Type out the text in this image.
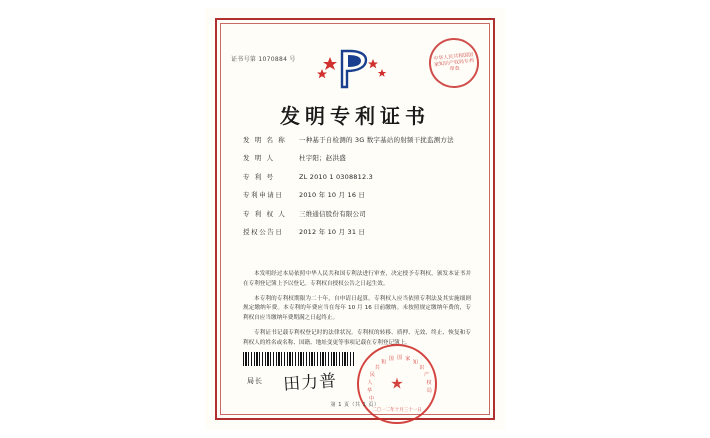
证书号第 1070884 号	中华人民共和国国家知识产权局专利审查
发明专利证书
发 明 名 称	一种基于自检测的 3G 数字基站的射频干扰监测方法
发 明 人	杜宇阳；赵洪盛
专 利 号	ZL 2010 1 0308812.3
专利申请日	2010 年 10 月 16 日
专 利 权 人	三维通信股份有限公司
授权公告日	2012 年 10 月 31 日

本发明经过本局依照中华人民共和国专利法进行审查，决定授予专利权，颁发本证书并在专利登记簿上予以登记。专利权自授权公告之日起生效。

本专利的专利权期限为二十年，自申请日起算。专利权人应当依照专利法及其实施细则规定缴纳年费。本专利的年费应当在每年 10 月 16 日前缴纳。未按照规定缴纳年费的，专利权自应当缴纳年费期满之日起终止。

专利证书记载专利权登记时的法律状况。专利权的转移、质押、无效、终止、恢复和专利权人的姓名或名称、国籍、地址变更等事项记载在专利登记簿上。

局长 田力普
中
华
人
民
共
和
国 国 家
知
识
产
权
局
★
二〇一二年十月三十一日
第 1 页（共 1 页）
